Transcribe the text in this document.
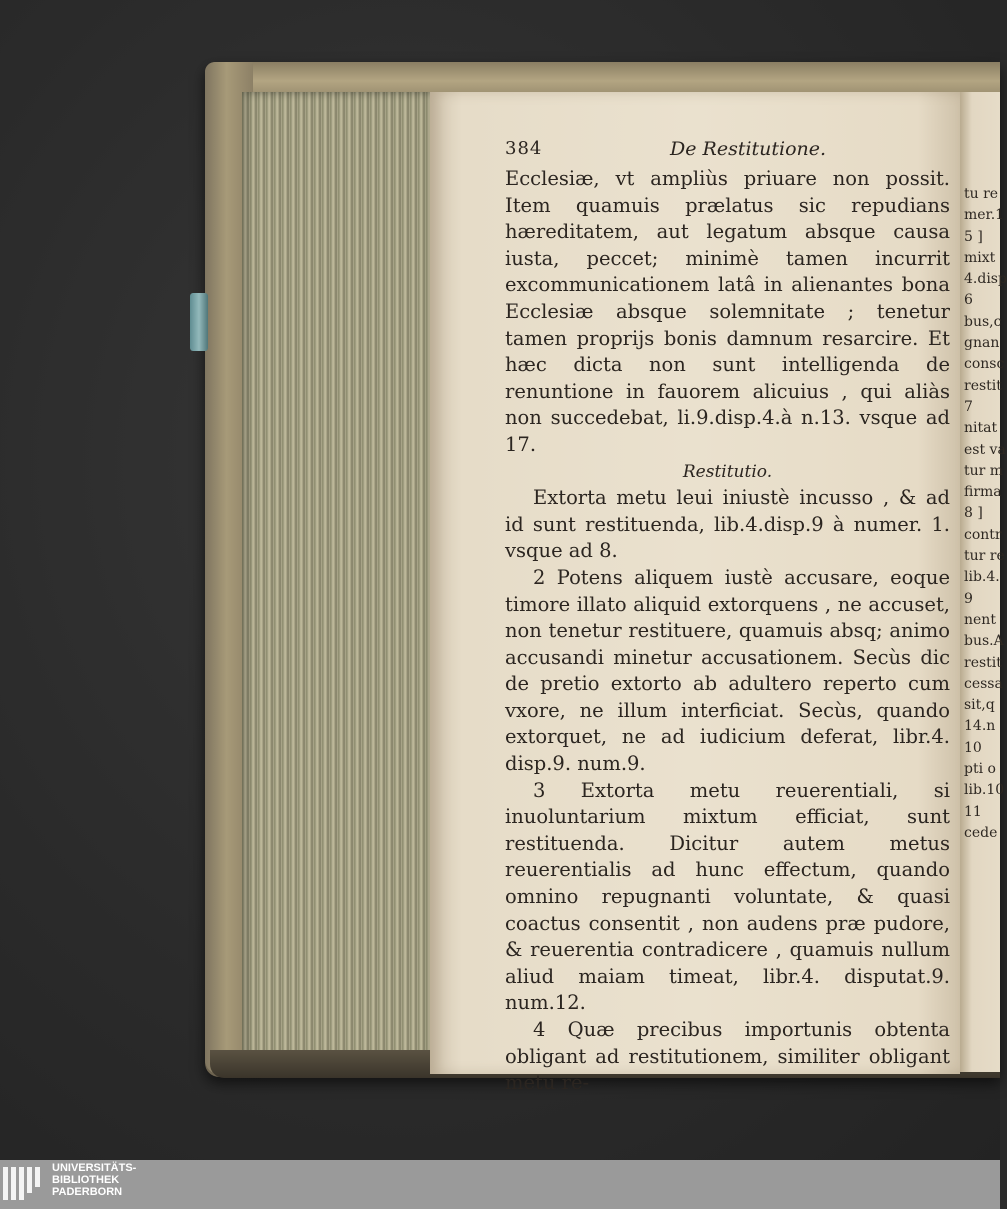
384	De Restitutione.

Ecclesiæ, vt ampliùs priuare non possit. Item quamuis prælatus sic repudians hæreditatem, aut legatum absque causa iusta, peccet; minimè tamen incurrit excommunicationem latâ in alienantes bona Ecclesiæ absque solemnitate ; tenetur tamen proprijs bonis damnum resarcire. Et hæc dicta non sunt intelligenda de renuntione in fauorem alicuius , qui aliàs non succedebat, li.9.disp.4.à n.13. vsque ad 17.

Restitutio.

Extorta metu leui iniustè incusso , & ad id sunt restituenda, lib.4.disp.9 à numer. 1. vsque ad 8.

2 Potens aliquem iustè accusare, eoque timore illato aliquid extorquens , ne accuset, non tenetur restituere, quamuis absq; animo accusandi minetur accusationem. Secùs dic de pretio extorto ab adultero reperto cum vxore, ne illum interficiat. Secùs, quando extorquet, ne ad iudicium deferat, libr.4. disp.9. num.9.

3 Extorta metu reuerentiali, si inuoluntarium mixtum efficiat, sunt restituenda. Dicitur autem metus reuerentialis ad hunc effectum, quando omnino repugnanti voluntate, & quasi coactus consentit , non audens præ pudore, & reuerentia contradicere , quamuis nullum aliud maiam timeat, libr.4. disputat.9. num.12.

4 Quæ precibus importunis obtenta obligant ad restitutionem, similiter obligant metu re-

tu re
mer.1
5 ]
mixt
4.disp
6
bus,c
gnan
consc
restit
7
nitat
est va
tur m
firma
8 ]
contr
tur re
lib.4.
9
nent
bus.A
restit
cessa
sit,q
14.n
10
pti o
lib.10
11
cede
UNIVERSITÄTS-
BIBLIOTHEK
PADERBORN
